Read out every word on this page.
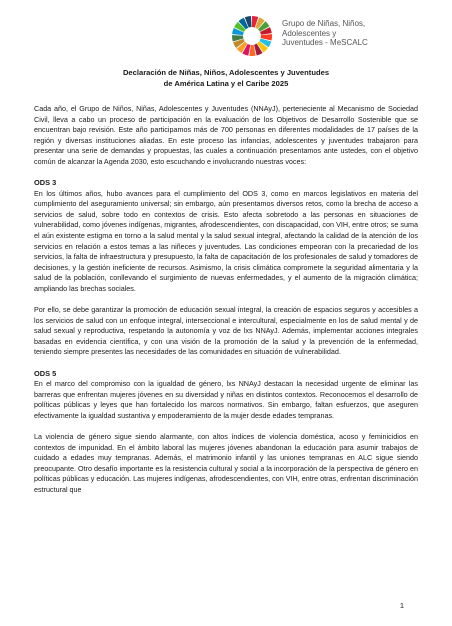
Grupo de Niñas, Niños,
Adolescentes y
Juventudes - MeSCALC
Declaración de Niñas, Niños, Adolescentes y Juventudes
de América Latina y el Caribe 2025

Cada año, el Grupo de Niños, Niñas, Adolescentes y Juventudes (NNAyJ), perteneciente al Mecanismo de Sociedad Civil, lleva a cabo un proceso de participación en la evaluación de los Objetivos de Desarrollo Sostenible que se encuentran bajo revisión. Este año participamos más de 700 personas en diferentes modalidades de 17 países de la región y diversas instituciones aliadas. En este proceso las infancias, adolescentes y juventudes trabajaron para presentar una serie de demandas y propuestas, las cuales a continuación presentamos ante ustedes, con el objetivo común de alcanzar la Agenda 2030, esto escuchando e involucrando nuestras voces:

ODS 3

En los últimos años, hubo avances para el cumplimiento del ODS 3, como en marcos legislativos en materia del cumplimiento del aseguramiento universal; sin embargo, aún presentamos diversos retos, como la brecha de acceso a servicios de salud, sobre todo en contextos de crisis. Esto afecta sobretodo a las personas en situaciones de vulnerabilidad, como jóvenes indígenas, migrantes, afrodescendientes, con discapacidad, con VIH, entre otros; se suma el aún existente estigma en torno a la salud mental y la salud sexual integral, afectando la calidad de la atención de los servicios en relación a estos temas a las niñeces y juventudes. Las condiciones empeoran con la precariedad de los servicios, la falta de infraestructura y presupuesto, la falta de capacitación de los profesionales de salud y tomadores de decisiones, y la gestión ineficiente de recursos. Asimismo, la crisis climática compromete la seguridad alimentaria y la salud de la población, conllevando el surgimiento de nuevas enfermedades, y el aumento de la migración climática; ampliando las brechas sociales.

Por ello, se debe garantizar la promoción de educación sexual integral, la creación de espacios seguros y accesibles a los servicios de salud con un enfoque integral, interseccional e intercultural, especialmente en los de salud mental y de salud sexual y reproductiva, respetando la autonomía y voz de lxs NNAyJ. Además, implementar acciones integrales basadas en evidencia científica, y con una visión de la promoción de la salud y la prevención de la enfermedad, teniendo siempre presentes las necesidades de las comunidades en situación de vulnerabilidad.

ODS 5

En el marco del compromiso con la igualdad de género, lxs NNAyJ destacan la necesidad urgente de eliminar las barreras que enfrentan mujeres jóvenes en su diversidad y niñas en distintos contextos. Reconocemos el desarrollo de políticas públicas y leyes que han fortalecido los marcos normativos. Sin embargo, faltan esfuerzos, que aseguren efectivamente la igualdad sustantiva y empoderamiento de la mujer desde edades tempranas.

La violencia de género sigue siendo alarmante, con altos índices de violencia doméstica, acoso y feminicidios en contextos de impunidad. En el ámbito laboral las mujeres jóvenes abandonan la educación para asumir trabajos de cuidado a edades muy tempranas. Además, el matrimonio infantil y las uniones tempranas en ALC sigue siendo preocupante. Otro desafío importante es la resistencia cultural y social a la incorporación de la perspectiva de género en políticas públicas y educación. Las mujeres indígenas, afrodescendientes, con VIH, entre otras, enfrentan discriminación estructural que

1
